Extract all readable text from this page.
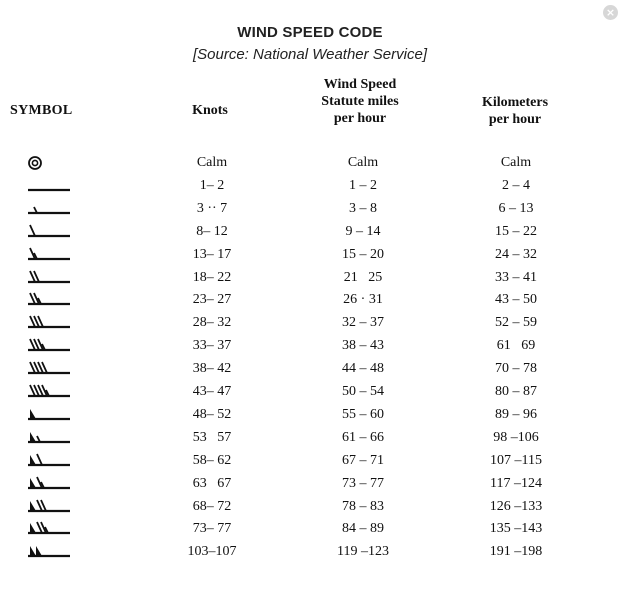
×
WIND SPEED CODE
[Source: National Weather Service]
SYMBOL	Knots
Wind Speed
Statute miles
per hour
Kilometers
per hour
Calm	Calm	Calm
1– 2	1 – 2	2 – 4
3 ·· 7	3 – 8	6 – 13
8– 12	9 – 14	15 – 22
13– 17	15 – 20	24 – 32
18– 22	21   25	33 – 41
23– 27	26 · 31	43 – 50
28– 32	32 – 37	52 – 59
33– 37	38 – 43	61   69
38– 42	44 – 48	70 – 78
43– 47	50 – 54	80 – 87
48– 52	55 – 60	89 – 96
53   57	61 – 66	98 –106
58– 62	67 – 71	107 –115
63   67	73 – 77	117 –124
68– 72	78 – 83	126 –133
73– 77	84 – 89	135 –143
103–107	119 –123	191 –198
